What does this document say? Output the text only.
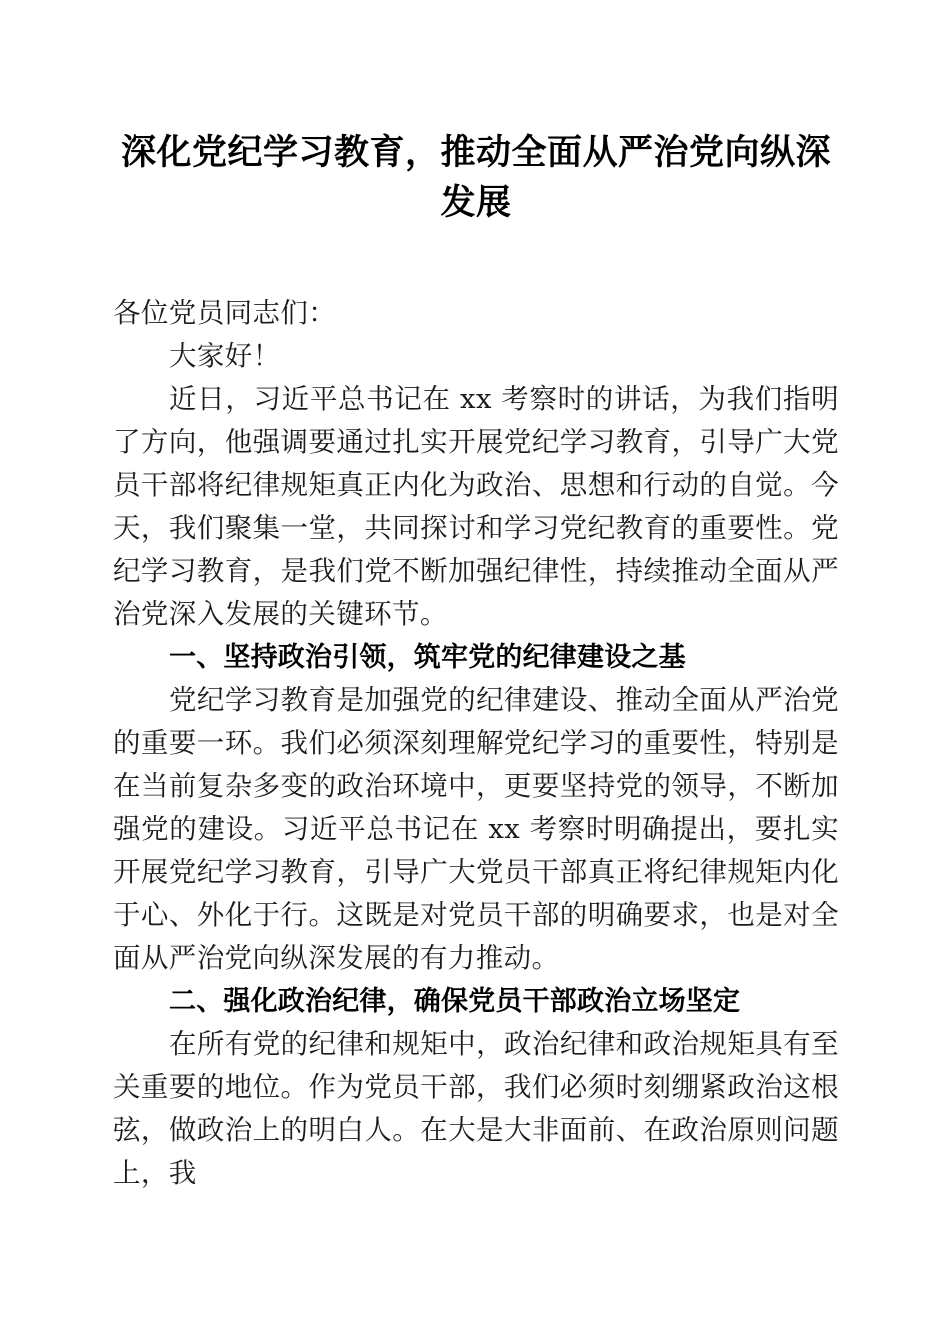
深化党纪学习教育，推动全面从严治党向纵深发展

各位党员同志们：

大家好！

近日，习近平总书记在 xx 考察时的讲话，为我们指明了方向，他强调要通过扎实开展党纪学习教育，引导广大党员干部将纪律规矩真正内化为政治、思想和行动的自觉。今天，我们聚集一堂，共同探讨和学习党纪教育的重要性。党纪学习教育，是我们党不断加强纪律性，持续推动全面从严治党深入发展的关键环节。

一、坚持政治引领，筑牢党的纪律建设之基

党纪学习教育是加强党的纪律建设、推动全面从严治党的重要一环。我们必须深刻理解党纪学习的重要性，特别是在当前复杂多变的政治环境中，更要坚持党的领导，不断加强党的建设。习近平总书记在 xx 考察时明确提出，要扎实开展党纪学习教育，引导广大党员干部真正将纪律规矩内化于心、外化于行。这既是对党员干部的明确要求，也是对全面从严治党向纵深发展的有力推动。

二、强化政治纪律，确保党员干部政治立场坚定

在所有党的纪律和规矩中，政治纪律和政治规矩具有至关重要的地位。作为党员干部，我们必须时刻绷紧政治这根弦，做政治上的明白人。在大是大非面前、在政治原则问题上，我
